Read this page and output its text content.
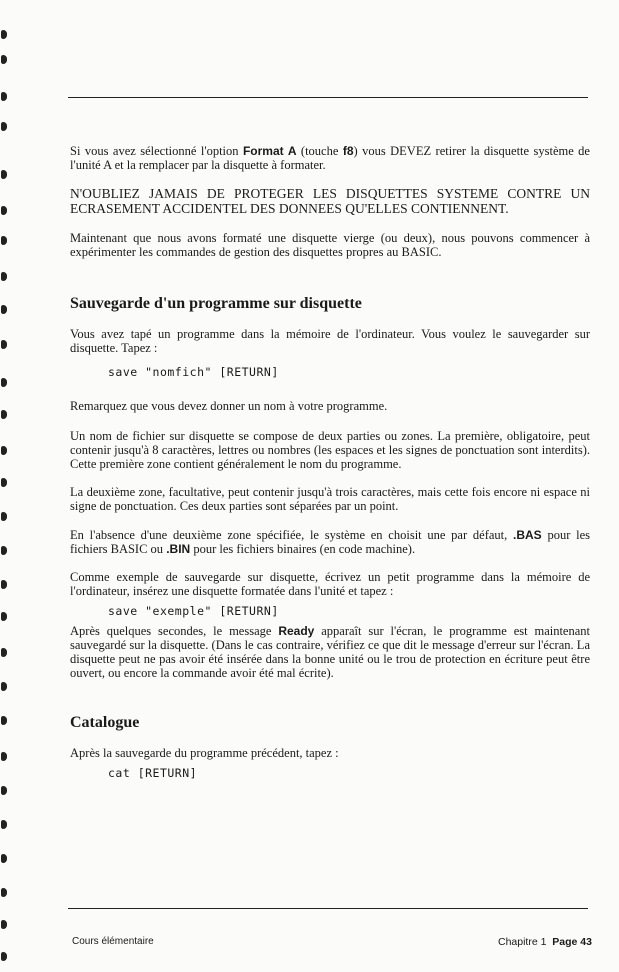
Si vous avez sélectionné l'option Format A (touche f8) vous DEVEZ retirer la disquette système de l'unité A et la remplacer par la disquette à formater.

N'OUBLIEZ JAMAIS DE PROTEGER LES DISQUETTES SYSTEME CONTRE UN ECRASEMENT ACCIDENTEL DES DONNEES QU'ELLES CONTIENNENT.

Maintenant que nous avons formaté une disquette vierge (ou deux), nous pouvons commencer à expérimenter les commandes de gestion des disquettes propres au BASIC.

Sauvegarde d'un programme sur disquette

Vous avez tapé un programme dans la mémoire de l'ordinateur. Vous voulez le sauvegarder sur disquette. Tapez :

save "nomfich" [RETURN]

Remarquez que vous devez donner un nom à votre programme.

Un nom de fichier sur disquette se compose de deux parties ou zones. La première, obligatoire, peut contenir jusqu'à 8 caractères, lettres ou nombres (les espaces et les signes de ponctuation sont interdits). Cette première zone contient généralement le nom du programme.

La deuxième zone, facultative, peut contenir jusqu'à trois caractères, mais cette fois encore ni espace ni signe de ponctuation. Ces deux parties sont séparées par un point.

En l'absence d'une deuxième zone spécifiée, le système en choisit une par défaut, .BAS pour les fichiers BASIC ou .BIN pour les fichiers binaires (en code machine).

Comme exemple de sauvegarde sur disquette, écrivez un petit programme dans la mémoire de l'ordinateur, insérez une disquette formatée dans l'unité et tapez :

save "exemple" [RETURN]

Après quelques secondes, le message Ready apparaît sur l'écran, le programme est maintenant sauvegardé sur la disquette. (Dans le cas contraire, vérifiez ce que dit le message d'erreur sur l'écran. La disquette peut ne pas avoir été insérée dans la bonne unité ou le trou de protection en écriture peut être ouvert, ou encore la commande avoir été mal écrite).

Catalogue

Après la sauvegarde du programme précédent, tapez :

cat [RETURN]
Cours élémentaire	Chapitre 1 Page 43
